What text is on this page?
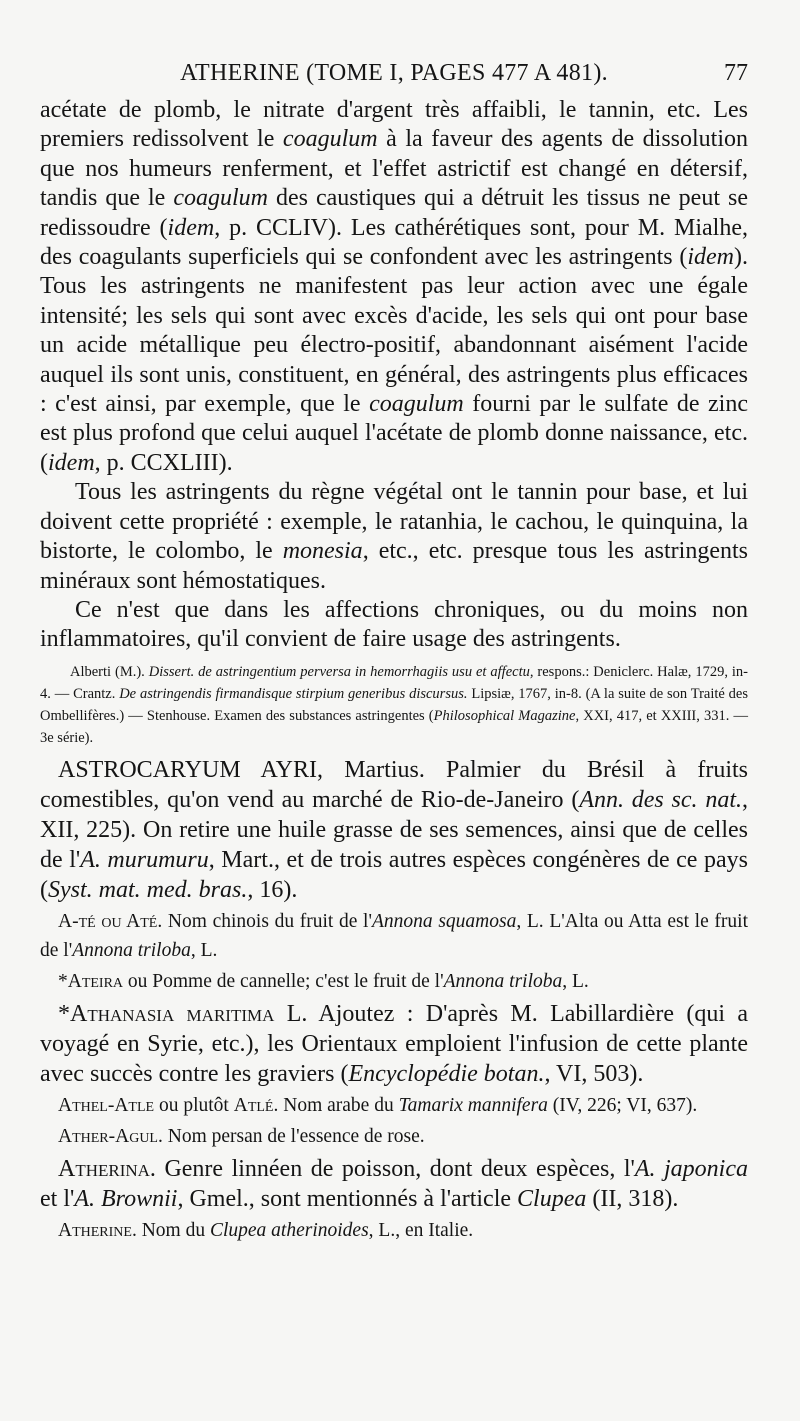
ATHERINE (TOME I, PAGES 477 A 481).	77

acétate de plomb, le nitrate d'argent très affaibli, le tannin, etc. Les premiers redissolvent le coagulum à la faveur des agents de dissolution que nos humeurs renferment, et l'effet astrictif est changé en détersif, tandis que le coagulum des caustiques qui a détruit les tissus ne peut se redissoudre (idem, p. CCLIV). Les cathérétiques sont, pour M. Mialhe, des coagulants superficiels qui se confondent avec les astringents (idem). Tous les astringents ne manifestent pas leur action avec une égale intensité; les sels qui sont avec excès d'acide, les sels qui ont pour base un acide métallique peu électro-positif, abandonnant aisément l'acide auquel ils sont unis, constituent, en général, des astringents plus efficaces : c'est ainsi, par exemple, que le coagulum fourni par le sulfate de zinc est plus profond que celui auquel l'acétate de plomb donne naissance, etc. (idem, p. CCXLIII).

Tous les astringents du règne végétal ont le tannin pour base, et lui doivent cette propriété : exemple, le ratanhia, le cachou, le quinquina, la bistorte, le colombo, le monesia, etc., etc. presque tous les astringents minéraux sont hémostatiques.

Ce n'est que dans les affections chroniques, ou du moins non inflammatoires, qu'il convient de faire usage des astringents.

Alberti (M.). Dissert. de astringentium perversa in hemorrhagiis usu et affectu, respons.: Deniclerc. Halæ, 1729, in-4. — Crantz. De astringendis firmandisque stirpium generibus discursus. Lipsiæ, 1767, in-8. (A la suite de son Traité des Ombellifères.) — Stenhouse. Examen des substances astringentes (Philosophical Magazine, XXI, 417, et XXIII, 331. — 3e série).

ASTROCARYUM AYRI, Martius. Palmier du Brésil à fruits comestibles, qu'on vend au marché de Rio-de-Janeiro (Ann. des sc. nat., XII, 225). On retire une huile grasse de ses semences, ainsi que de celles de l'A. murumuru, Mart., et de trois autres espèces congénères de ce pays (Syst. mat. med. bras., 16).

A-té ou Até. Nom chinois du fruit de l'Annona squamosa, L. L'Alta ou Atta est le fruit de l'Annona triloba, L.

*Ateira ou Pomme de cannelle; c'est le fruit de l'Annona triloba, L.

*Athanasia maritima L. Ajoutez : D'après M. Labillardière (qui a voyagé en Syrie, etc.), les Orientaux emploient l'infusion de cette plante avec succès contre les graviers (Encyclopédie botan., VI, 503).

Athel-Atle ou plutôt Atlé. Nom arabe du Tamarix mannifera (IV, 226; VI, 637).

Ather-Agul. Nom persan de l'essence de rose.

Atherina. Genre linnéen de poisson, dont deux espèces, l'A. japonica et l'A. Brownii, Gmel., sont mentionnés à l'article Clupea (II, 318).

Atherine. Nom du Clupea atherinoides, L., en Italie.
